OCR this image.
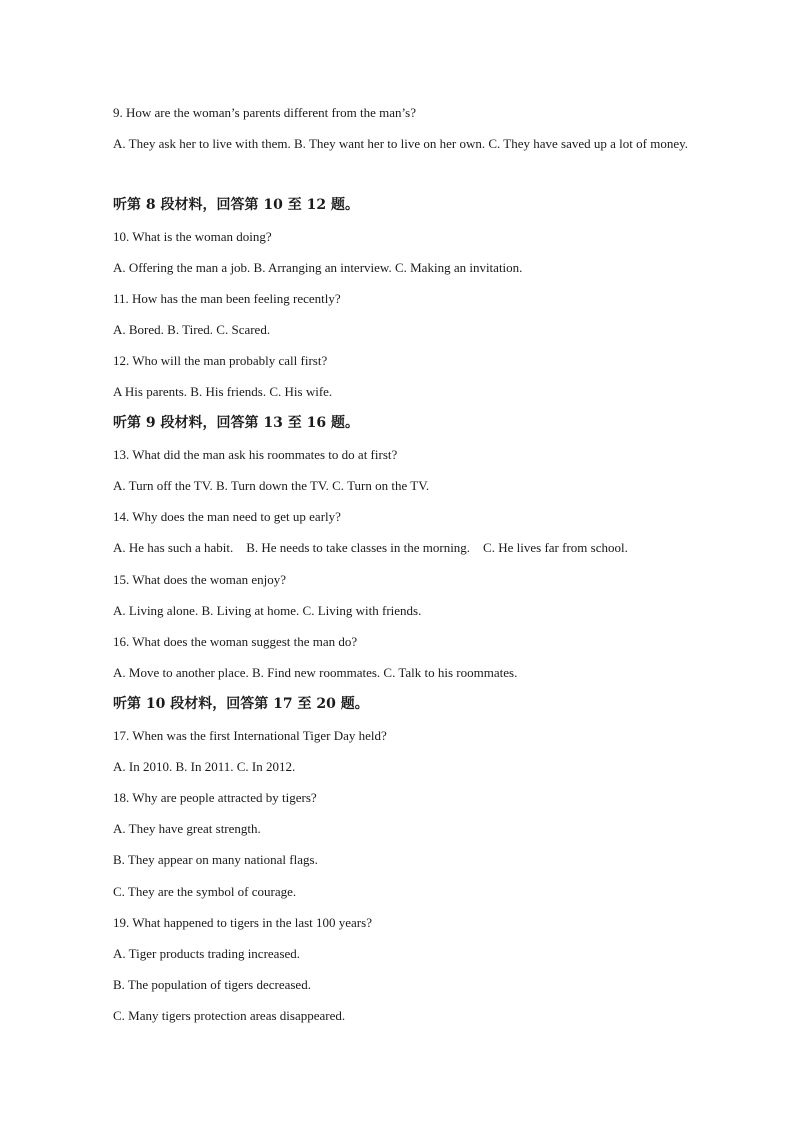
9. How are the woman’s parents different from the man’s?
A. They ask her to live with them. B. They want her to live on her own. C. They have saved up a lot of money.
听第 8 段材料，回答第 10 至 12 题。
10. What is the woman doing?
A. Offering the man a job. B. Arranging an interview. C. Making an invitation.
11. How has the man been feeling recently?
A. Bored. B. Tired. C. Scared.
12. Who will the man probably call first?
A His parents. B. His friends. C. His wife.
听第 9 段材料，回答第 13 至 16 题。
13. What did the man ask his roommates to do at first?
A. Turn off the TV. B. Turn down the TV. C. Turn on the TV.
14. Why does the man need to get up early?
A. He has such a habit.    B. He needs to take classes in the morning.    C. He lives far from school.
15. What does the woman enjoy?
A. Living alone. B. Living at home. C. Living with friends.
16. What does the woman suggest the man do?
A. Move to another place. B. Find new roommates. C. Talk to his roommates.
听第 10 段材料，回答第 17 至 20 题。
17. When was the first International Tiger Day held?
A. In 2010. B. In 2011. C. In 2012.
18. Why are people attracted by tigers?
A. They have great strength.
B. They appear on many national flags.
C. They are the symbol of courage.
19. What happened to tigers in the last 100 years?
A. Tiger products trading increased.
B. The population of tigers decreased.
C. Many tigers protection areas disappeared.
